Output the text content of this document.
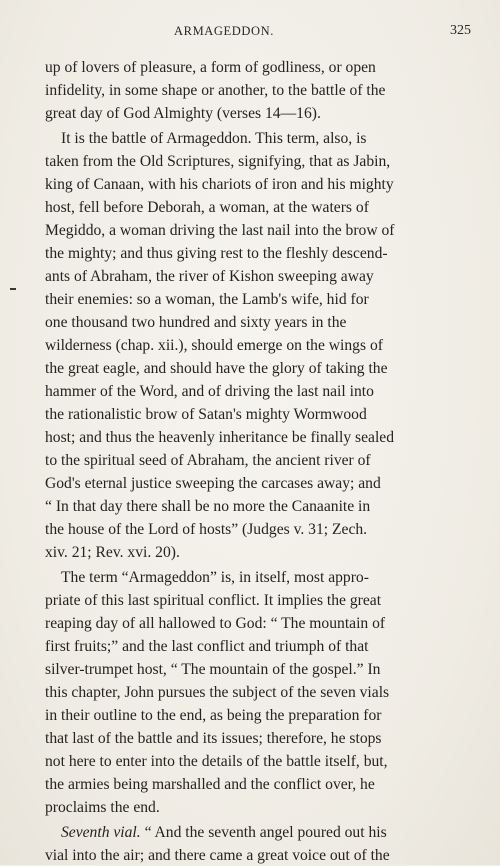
ARMAGEDDON.	325
up of lovers of pleasure, a form of godliness, or open
infidelity, in some shape or another, to the battle of the
great day of God Almighty (verses 14—16).
It is the battle of Armageddon. This term, also, is
taken from the Old Scriptures, signifying, that as Jabin,
king of Canaan, with his chariots of iron and his mighty
host, fell before Deborah, a woman, at the waters of
Megiddo, a woman driving the last nail into the brow of
the mighty; and thus giving rest to the fleshly descend-
ants of Abraham, the river of Kishon sweeping away
their enemies: so a woman, the Lamb's wife, hid for
one thousand two hundred and sixty years in the
wilderness (chap. xii.), should emerge on the wings of
the great eagle, and should have the glory of taking the
hammer of the Word, and of driving the last nail into
the rationalistic brow of Satan's mighty Wormwood
host; and thus the heavenly inheritance be finally sealed
to the spiritual seed of Abraham, the ancient river of
God's eternal justice sweeping the carcases away; and
“ In that day there shall be no more the Canaanite in
the house of the Lord of hosts” (Judges v. 31; Zech.
xiv. 21; Rev. xvi. 20).
The term “Armageddon” is, in itself, most appro-
priate of this last spiritual conflict. It implies the great
reaping day of all hallowed to God: “ The mountain of
first fruits;” and the last conflict and triumph of that
silver-trumpet host, “ The mountain of the gospel.” In
this chapter, John pursues the subject of the seven vials
in their outline to the end, as being the preparation for
that last of the battle and its issues; therefore, he stops
not here to enter into the details of the battle itself, but,
the armies being marshalled and the conflict over, he
proclaims the end.
Seventh vial. “ And the seventh angel poured out his
vial into the air; and there came a great voice out of the
